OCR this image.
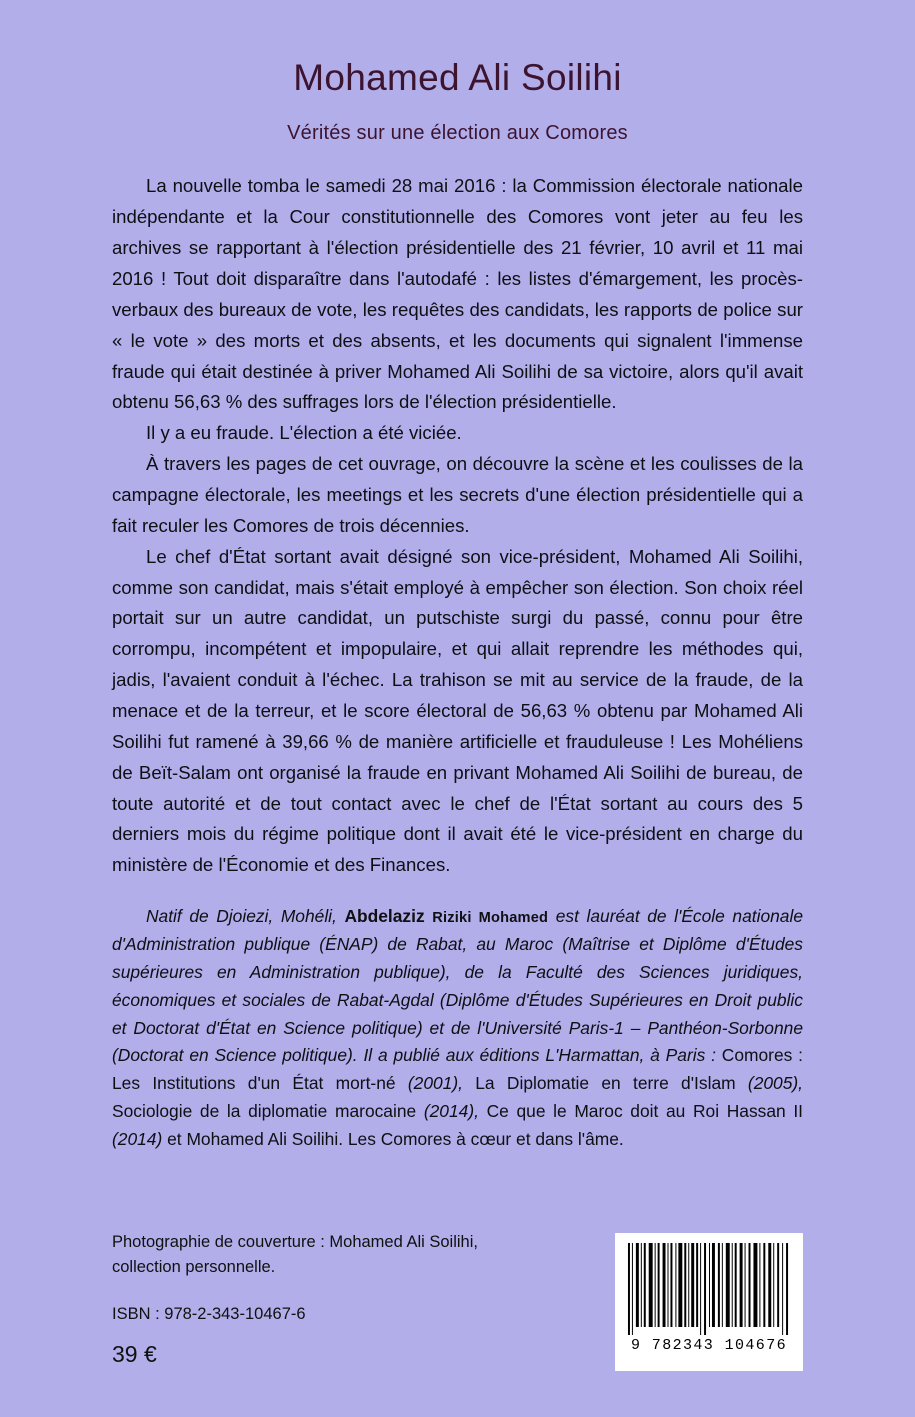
Mohamed Ali Soilihi
Vérités sur une élection aux Comores

La nouvelle tomba le samedi 28 mai 2016 : la Commission électorale nationale indépendante et la Cour constitutionnelle des Comores vont jeter au feu les archives se rapportant à l'élection présidentielle des 21 février, 10 avril et 11 mai 2016 ! Tout doit disparaître dans l'autodafé : les listes d'émargement, les procès-verbaux des bureaux de vote, les requêtes des candidats, les rapports de police sur « le vote » des morts et des absents, et les documents qui signalent l'immense fraude qui était destinée à priver Mohamed Ali Soilihi de sa victoire, alors qu'il avait obtenu 56,63 % des suffrages lors de l'élection présidentielle.

Il y a eu fraude. L'élection a été viciée.

À travers les pages de cet ouvrage, on découvre la scène et les coulisses de la campagne électorale, les meetings et les secrets d'une élection présidentielle qui a fait reculer les Comores de trois décennies.

Le chef d'État sortant avait désigné son vice-président, Mohamed Ali Soilihi, comme son candidat, mais s'était employé à empêcher son élection. Son choix réel portait sur un autre candidat, un putschiste surgi du passé, connu pour être corrompu, incompétent et impopulaire, et qui allait reprendre les méthodes qui, jadis, l'avaient conduit à l'échec. La trahison se mit au service de la fraude, de la menace et de la terreur, et le score électoral de 56,63 % obtenu par Mohamed Ali Soilihi fut ramené à 39,66 % de manière artificielle et frauduleuse ! Les Mohéliens de Beït-Salam ont organisé la fraude en privant Mohamed Ali Soilihi de bureau, de toute autorité et de tout contact avec le chef de l'État sortant au cours des 5 derniers mois du régime politique dont il avait été le vice-président en charge du ministère de l'Économie et des Finances.

Natif de Djoiezi, Mohéli, Abdelaziz Riziki Mohamed est lauréat de l'École nationale d'Administration publique (ÉNAP) de Rabat, au Maroc (Maîtrise et Diplôme d'Études supérieures en Administration publique), de la Faculté des Sciences juridiques, économiques et sociales de Rabat-Agdal (Diplôme d'Études Supérieures en Droit public et Doctorat d'État en Science politique) et de l'Université Paris-1 – Panthéon-Sorbonne (Doctorat en Science politique). Il a publié aux éditions L'Harmattan, à Paris : Comores : Les Institutions d'un État mort-né (2001), La Diplomatie en terre d'Islam (2005), Sociologie de la diplomatie marocaine (2014), Ce que le Maroc doit au Roi Hassan II (2014) et Mohamed Ali Soilihi. Les Comores à cœur et dans l'âme.

Photographie de couverture : Mohamed Ali Soilihi,
collection personnelle.
ISBN : 978-2-343-10467-6
39 €	9 782343 104676
